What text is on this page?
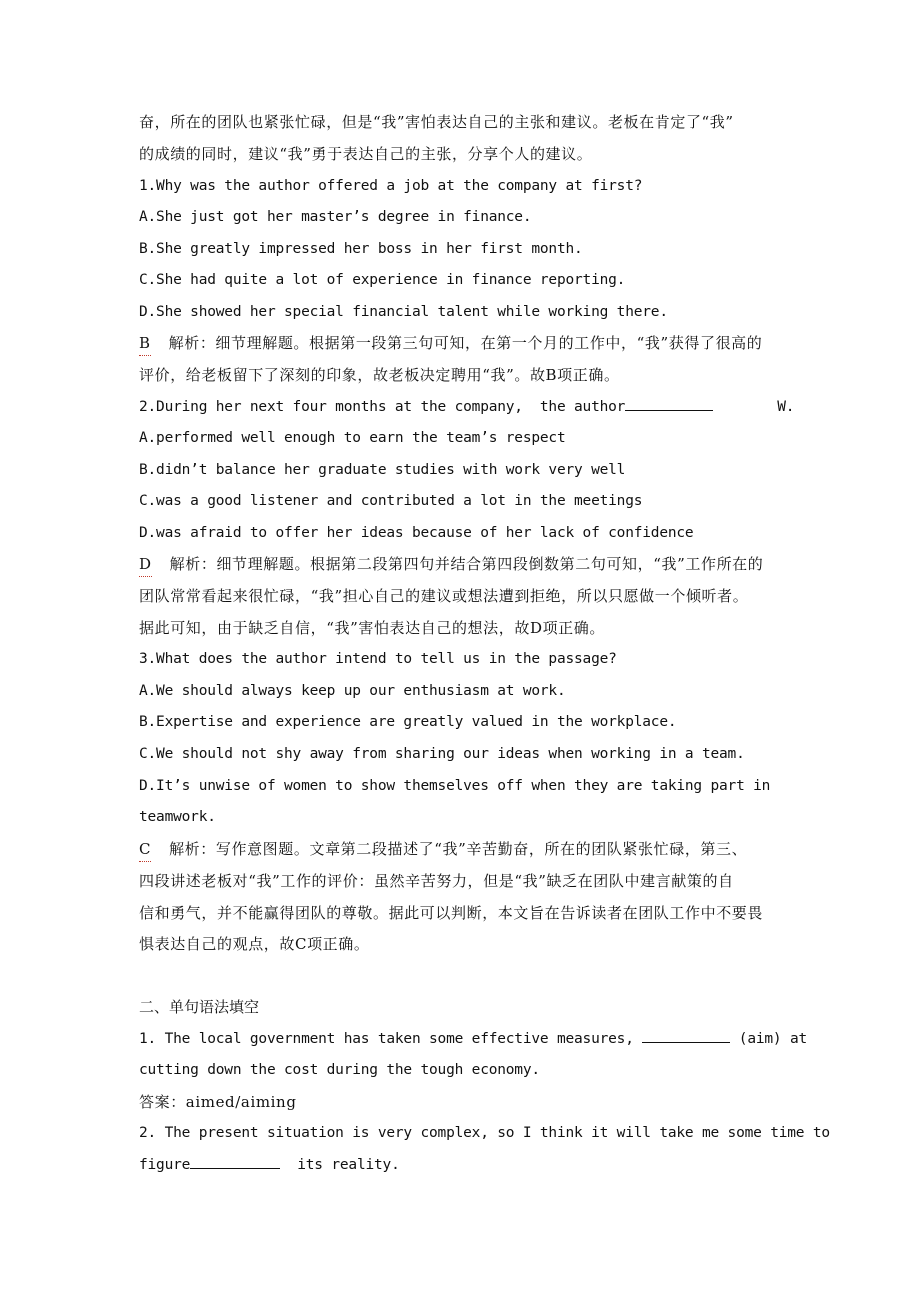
奋，所在的团队也紧张忙碌，但是“我”害怕表达自己的主张和建议。老板在肯定了“我”
的成绩的同时，建议“我”勇于表达自己的主张，分享个人的建议。
1.Why was the author offered a job at the company at first?
A.She just got her master’s degree in finance.
B.She greatly impressed her boss in her first month.
C.She had quite a lot of experience in finance reporting.
D.She showed her special financial talent while working there.
B 解析：细节理解题。根据第一段第三句可知，在第一个月的工作中，“我”获得了很高的
评价，给老板留下了深刻的印象，故老板决定聘用“我”。故B项正确。
2.During her next four months at the company,  the author	W.
A.performed well enough to earn the team’s respect
B.didn’t balance her graduate studies with work very well
C.was a good listener and contributed a lot in the meetings
D.was afraid to offer her ideas because of her lack of confidence
D 解析：细节理解题。根据第二段第四句并结合第四段倒数第二句可知，“我”工作所在的
团队常常看起来很忙碌，“我”担心自己的建议或想法遭到拒绝，所以只愿做一个倾听者。
据此可知，由于缺乏自信，“我”害怕表达自己的想法，故D项正确。
3.What does the author intend to tell us in the passage?
A.We should always keep up our enthusiasm at work.
B.Expertise and experience are greatly valued in the workplace.
C.We should not shy away from sharing our ideas when working in a team.
D.It’s unwise of women to show themselves off when they are taking part in
teamwork.
C 解析：写作意图题。文章第二段描述了“我”辛苦勤奋，所在的团队紧张忙碌，第三、
四段讲述老板对“我”工作的评价：虽然辛苦努力，但是“我”缺乏在团队中建言献策的自
信和勇气，并不能赢得团队的尊敬。据此可以判断，本文旨在告诉读者在团队工作中不要畏
惧表达自己的观点，故C项正确。
二、单句语法填空
1. The local government has taken some effective measures,	(aim) at
cutting down the cost during the tough economy.
答案：aimed/aiming
2. The present situation is very complex, so I think it will take me some time to
figure	its reality.
